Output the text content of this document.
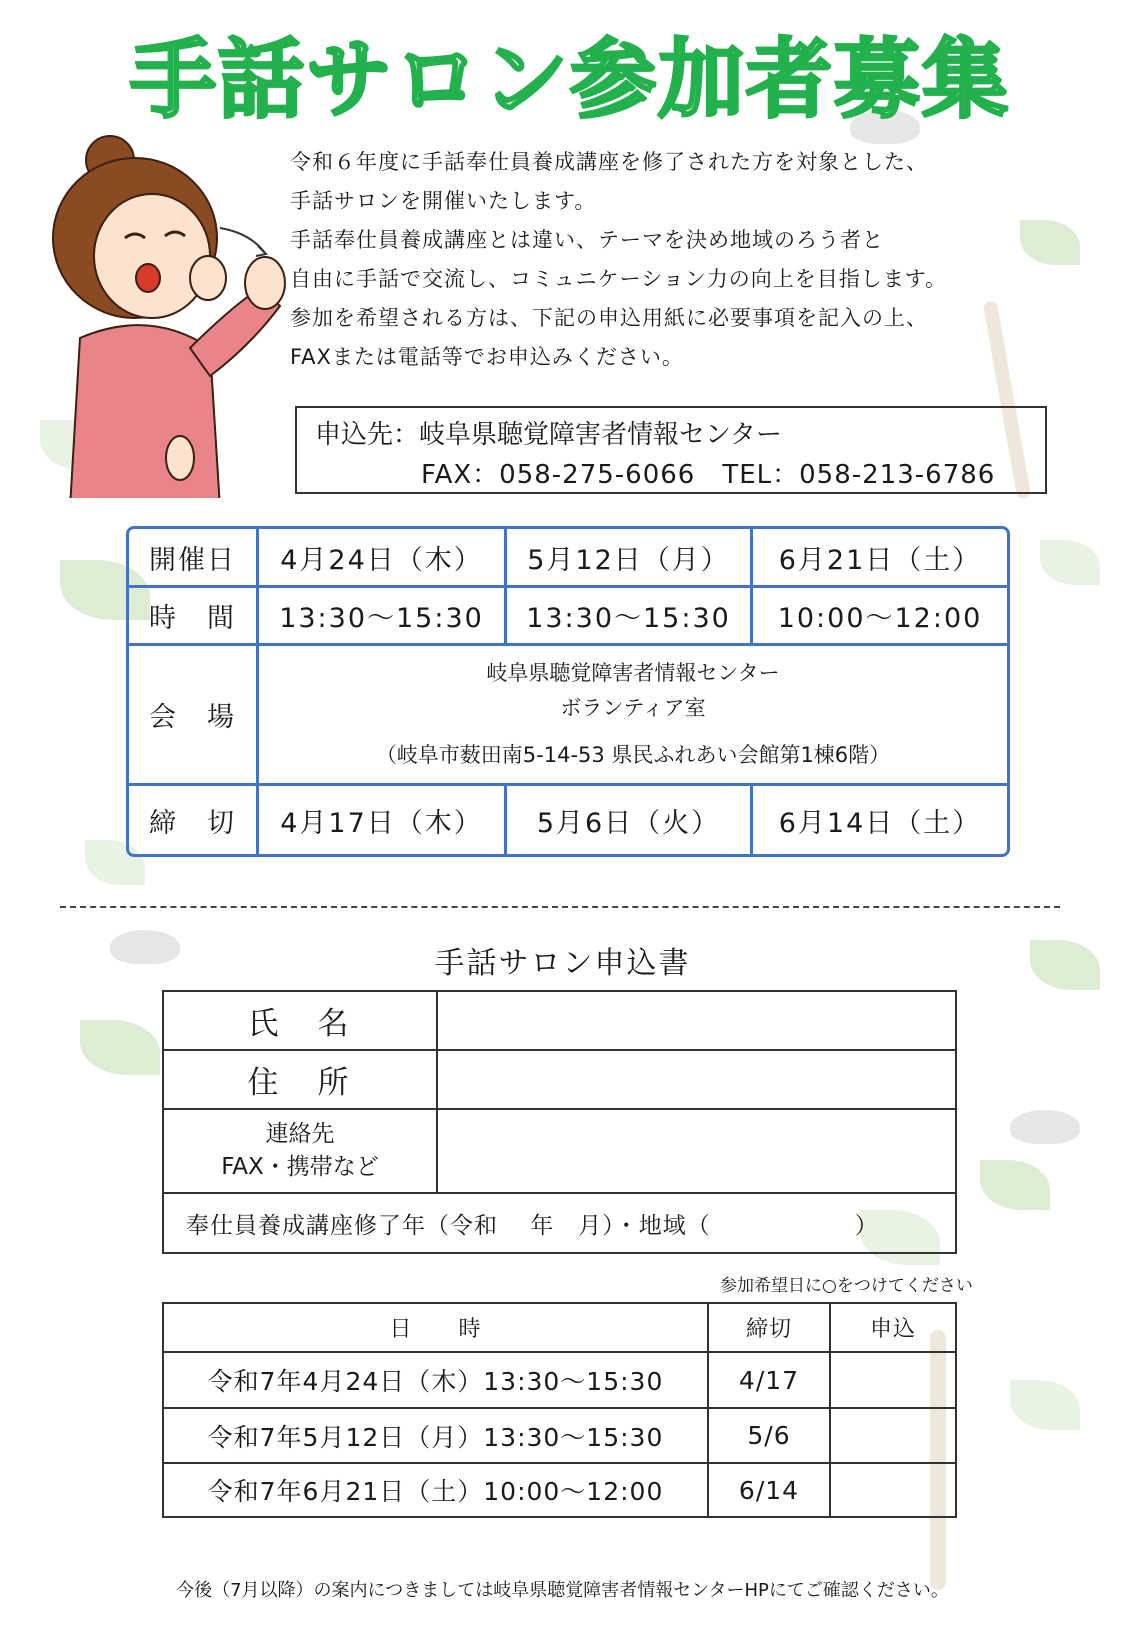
手話サロン参加者募集
令和６年度に手話奉仕員養成講座を修了された方を対象とした、
手話サロンを開催いたします。
手話奉仕員養成講座とは違い、テーマを決め地域のろう者と
自由に手話で交流し、コミュニケーション力の向上を目指します。
参加を希望される方は、下記の申込用紙に必要事項を記入の上、
FAXまたは電話等でお申込みください。
申込先：岐阜県聴覚障害者情報センター
FAX：058-275-6066　TEL：058-213-6786
開催日	4月24日（木）	5月12日（月）	6月21日（土）
時　間	13:30～15:30	13:30～15:30	10:00～12:00
会　場
岐阜県聴覚障害者情報センター
ボランティア室
（岐阜市薮田南5-14-53 県民ふれあい会館第1棟6階）
締　切	4月17日（木）	5月6日（火）	6月14日（土）
手話サロン申込書
氏　名
住　所
連絡先
FAX・携帯など
奉仕員養成講座修了年（令和　 年　月）・地域（　　　　　　）
参加希望日に○をつけてください
日　　時	締切	申込
令和7年4月24日（木）13:30～15:30	4/17
令和7年5月12日（月）13:30～15:30	5/6
令和7年6月21日（土）10:00～12:00	6/14
今後（7月以降）の案内につきましては岐阜県聴覚障害者情報センターHPにてご確認ください。
